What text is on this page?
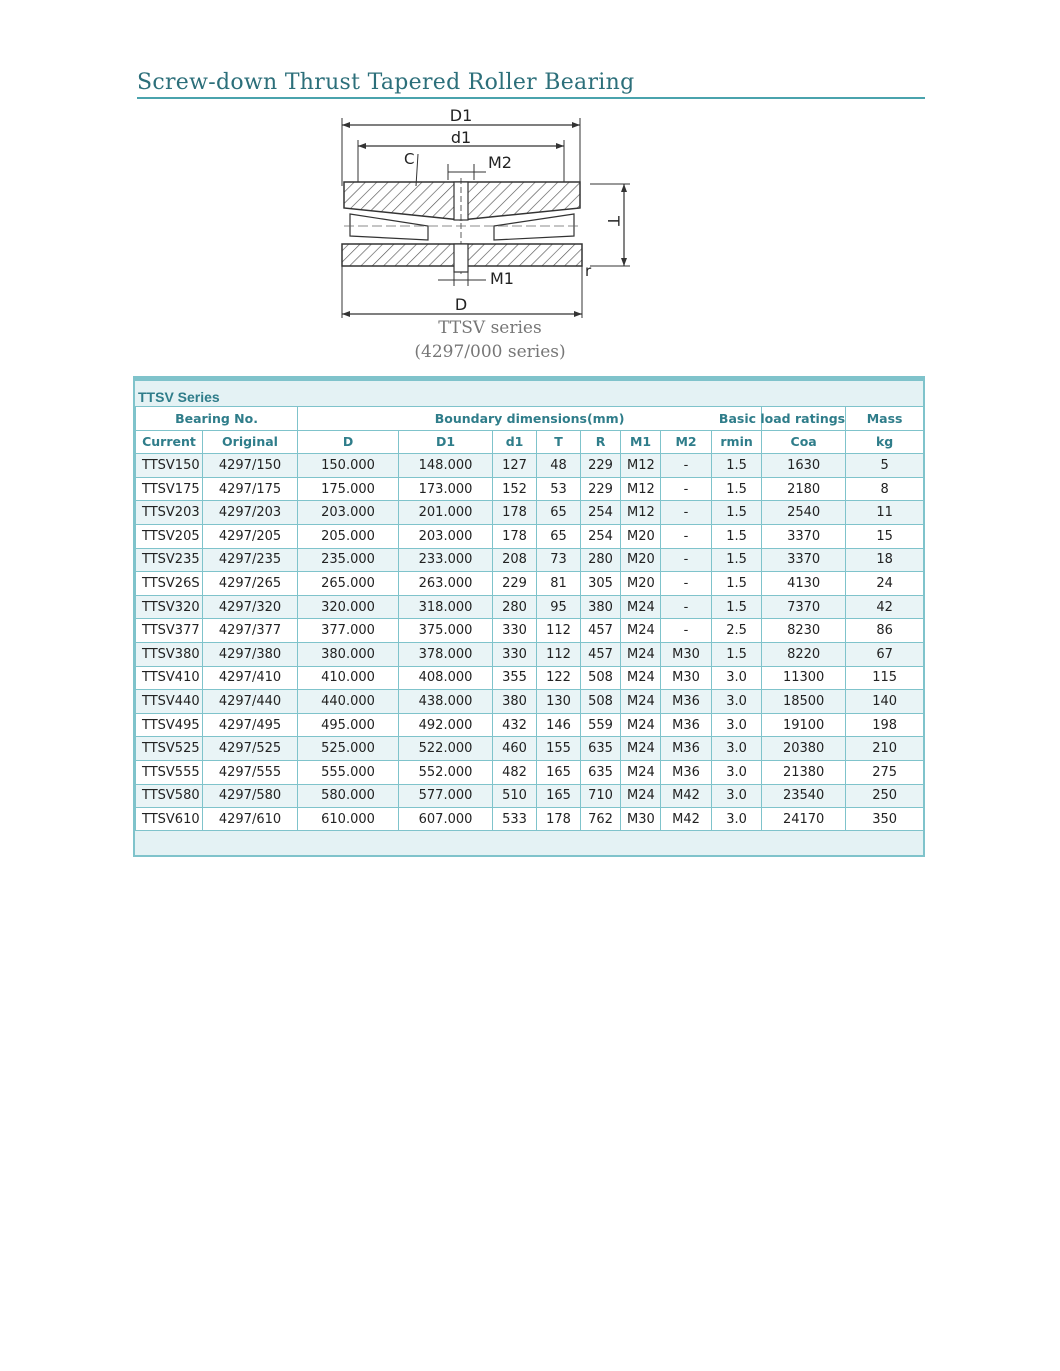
Screw-down Thrust Tapered Roller Bearing
D1
d1
C	M2
T
r
M1
D
TTSV series
(4297/000 series)
TTSV Series
Bearing No.		Boundary dimensions(mm)								Basic load ratings	Mass
Current	Original	D	D1	d1	T	R	M1	M2	rmin	Coa	kg
TTSV150	4297/150	150.000	148.000	127	48	229	M12	-	1.5	1630	5
TTSV175	4297/175	175.000	173.000	152	53	229	M12	-	1.5	2180	8
TTSV203	4297/203	203.000	201.000	178	65	254	M12	-	1.5	2540	11
TTSV205	4297/205	205.000	203.000	178	65	254	M20	-	1.5	3370	15
TTSV235	4297/235	235.000	233.000	208	73	280	M20	-	1.5	3370	18
TTSV26S	4297/265	265.000	263.000	229	81	305	M20	-	1.5	4130	24
TTSV320	4297/320	320.000	318.000	280	95	380	M24	-	1.5	7370	42
TTSV377	4297/377	377.000	375.000	330	112	457	M24	-	2.5	8230	86
TTSV380	4297/380	380.000	378.000	330	112	457	M24	M30	1.5	8220	67
TTSV410	4297/410	410.000	408.000	355	122	508	M24	M30	3.0	11300	115
TTSV440	4297/440	440.000	438.000	380	130	508	M24	M36	3.0	18500	140
TTSV495	4297/495	495.000	492.000	432	146	559	M24	M36	3.0	19100	198
TTSV525	4297/525	525.000	522.000	460	155	635	M24	M36	3.0	20380	210
TTSV555	4297/555	555.000	552.000	482	165	635	M24	M36	3.0	21380	275
TTSV580	4297/580	580.000	577.000	510	165	710	M24	M42	3.0	23540	250
TTSV610	4297/610	610.000	607.000	533	178	762	M30	M42	3.0	24170	350
